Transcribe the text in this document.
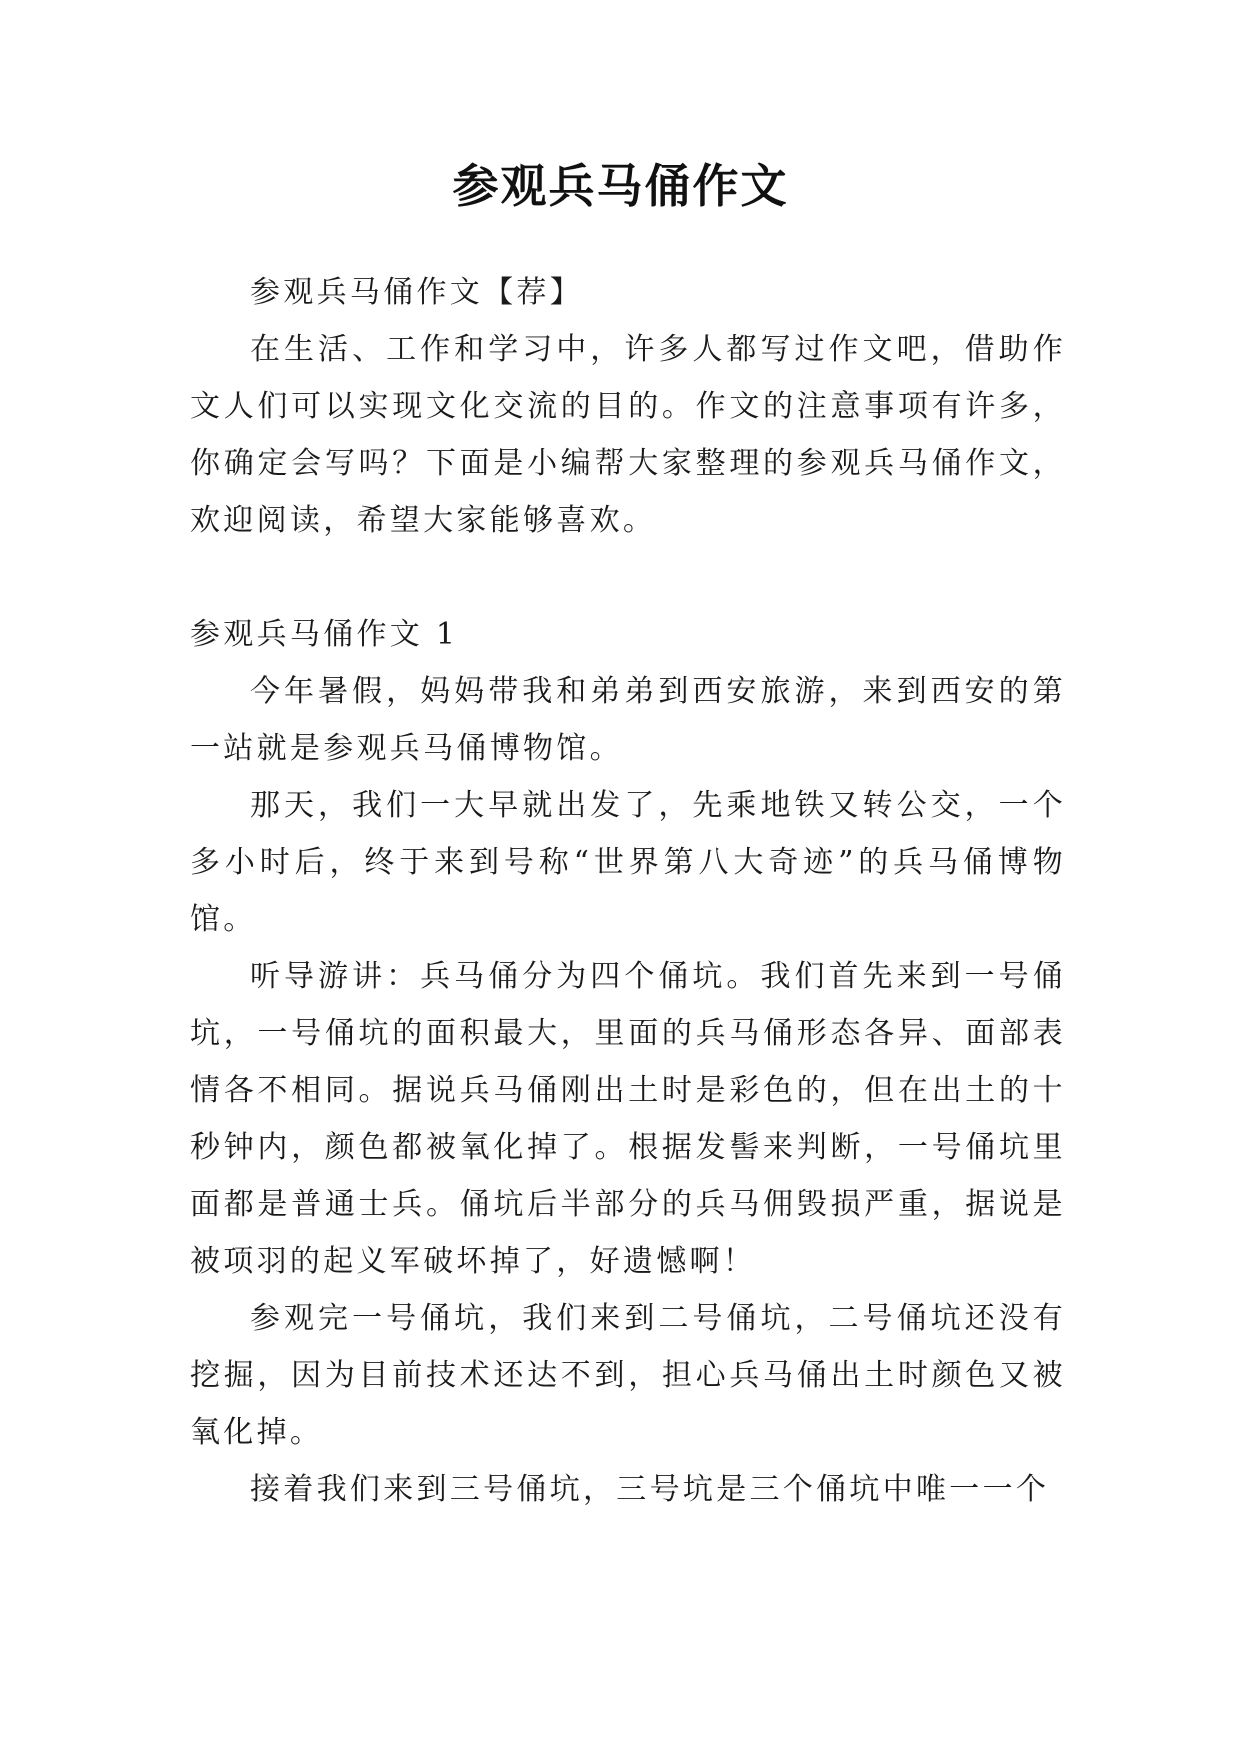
参观兵马俑作文

参观兵马俑作文【荐】

在生活、工作和学习中，许多人都写过作文吧，借助作文人们可以实现文化交流的目的。作文的注意事项有许多，你确定会写吗？下面是小编帮大家整理的参观兵马俑作文，欢迎阅读，希望大家能够喜欢。

参观兵马俑作文 1

今年暑假，妈妈带我和弟弟到西安旅游，来到西安的第一站就是参观兵马俑博物馆。

那天，我们一大早就出发了，先乘地铁又转公交，一个多小时后，终于来到号称“世界第八大奇迹”的兵马俑博物馆。

听导游讲：兵马俑分为四个俑坑。我们首先来到一号俑坑，一号俑坑的面积最大，里面的兵马俑形态各异、面部表情各不相同。据说兵马俑刚出土时是彩色的，但在出土的十秒钟内，颜色都被氧化掉了。根据发髻来判断，一号俑坑里面都是普通士兵。俑坑后半部分的兵马佣毁损严重，据说是被项羽的起义军破坏掉了，好遗憾啊！

参观完一号俑坑，我们来到二号俑坑，二号俑坑还没有挖掘，因为目前技术还达不到，担心兵马俑出土时颜色又被氧化掉。

接着我们来到三号俑坑，三号坑是三个俑坑中唯一一个
